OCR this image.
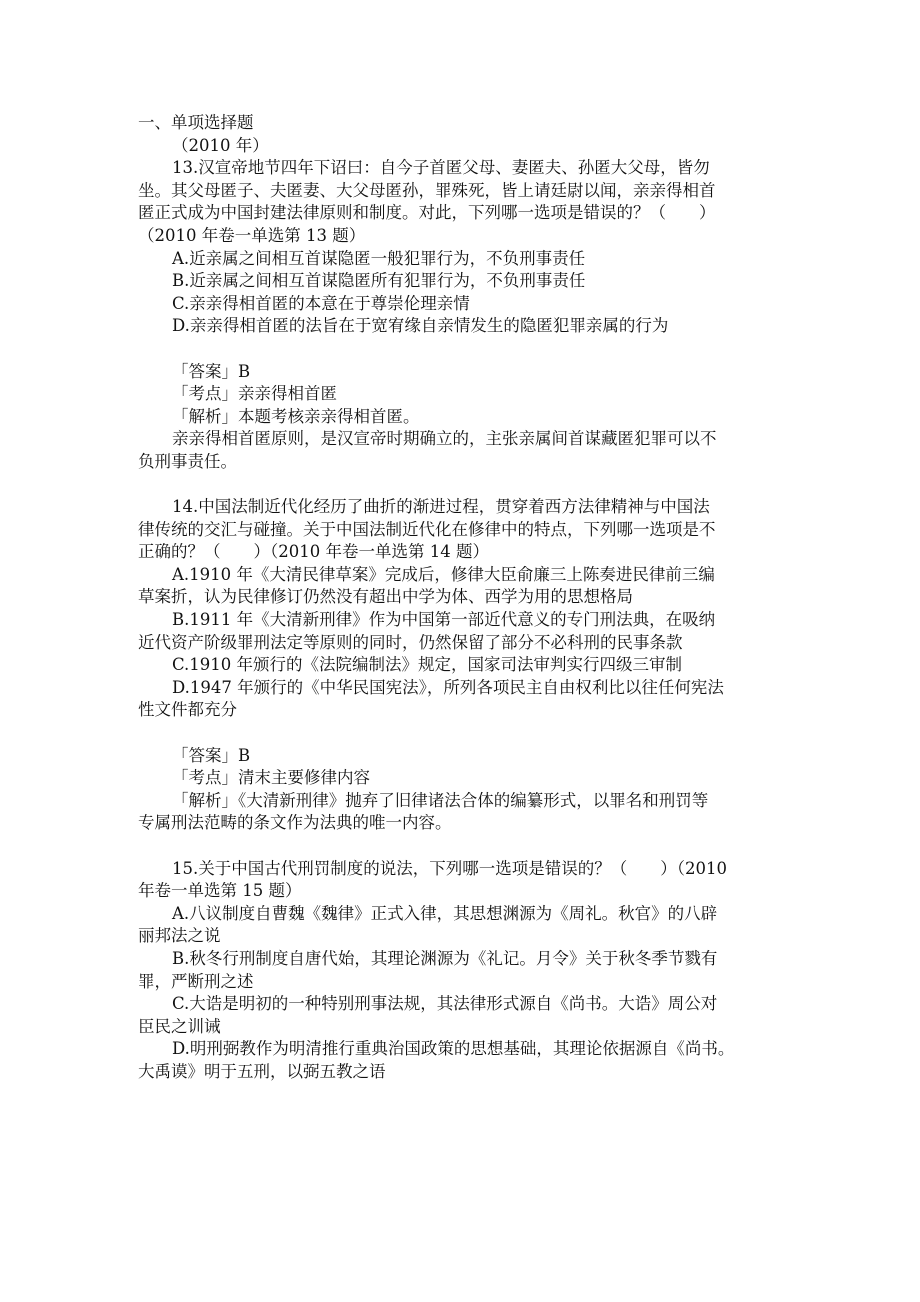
一、单项选择题
（2010 年）
13.汉宣帝地节四年下诏曰：自今子首匿父母、妻匿夫、孙匿大父母，皆勿
坐。其父母匿子、夫匿妻、大父母匿孙，罪殊死，皆上请廷尉以闻，亲亲得相首
匿正式成为中国封建法律原则和制度。对此，下列哪一选项是错误的？（　　）
（2010 年卷一单选第 13 题）
A.近亲属之间相互首谋隐匿一般犯罪行为，不负刑事责任
B.近亲属之间相互首谋隐匿所有犯罪行为，不负刑事责任
C.亲亲得相首匿的本意在于尊崇伦理亲情
D.亲亲得相首匿的法旨在于宽宥缘自亲情发生的隐匿犯罪亲属的行为
「答案」B
「考点」亲亲得相首匿
「解析」本题考核亲亲得相首匿。
亲亲得相首匿原则，是汉宣帝时期确立的，主张亲属间首谋藏匿犯罪可以不
负刑事责任。
14.中国法制近代化经历了曲折的渐进过程，贯穿着西方法律精神与中国法
律传统的交汇与碰撞。关于中国法制近代化在修律中的特点，下列哪一选项是不
正确的？（　　）（2010 年卷一单选第 14 题）
A.1910 年《大清民律草案》完成后，修律大臣俞廉三上陈奏进民律前三编
草案折，认为民律修订仍然没有超出中学为体、西学为用的思想格局
B.1911 年《大清新刑律》作为中国第一部近代意义的专门刑法典，在吸纳
近代资产阶级罪刑法定等原则的同时，仍然保留了部分不必科刑的民事条款
C.1910 年颁行的《法院编制法》规定，国家司法审判实行四级三审制
D.1947 年颁行的《中华民国宪法》，所列各项民主自由权利比以往任何宪法
性文件都充分
「答案」B
「考点」清末主要修律内容
「解析」《大清新刑律》抛弃了旧律诸法合体的编纂形式，以罪名和刑罚等
专属刑法范畴的条文作为法典的唯一内容。
15.关于中国古代刑罚制度的说法，下列哪一选项是错误的？（　　）（2010
年卷一单选第 15 题）
A.八议制度自曹魏《魏律》正式入律，其思想渊源为《周礼。秋官》的八辟
丽邦法之说
B.秋冬行刑制度自唐代始，其理论渊源为《礼记。月令》关于秋冬季节戮有
罪，严断刑之述
C.大诰是明初的一种特别刑事法规，其法律形式源自《尚书。大诰》周公对
臣民之训诫
D.明刑弼教作为明清推行重典治国政策的思想基础，其理论依据源自《尚书。
大禹谟》明于五刑，以弼五教之语
